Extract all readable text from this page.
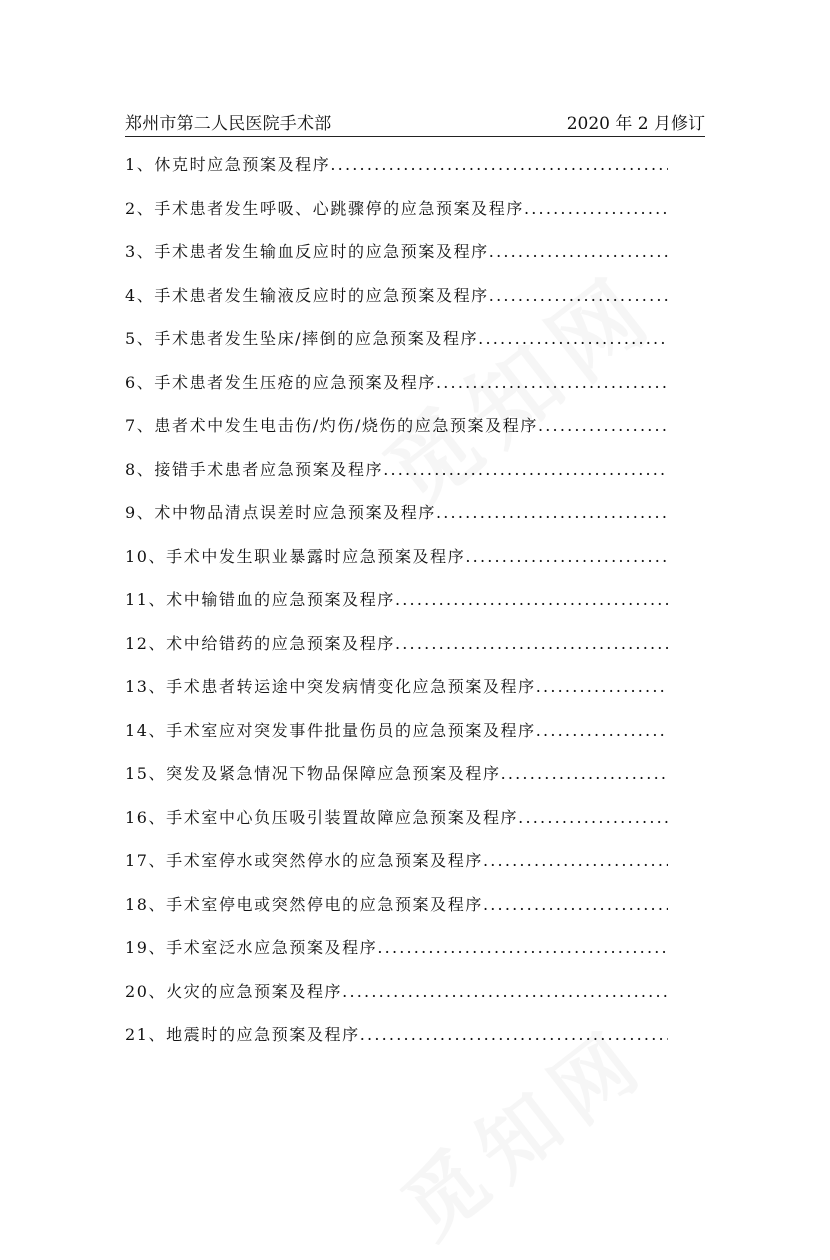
郑州市第二人民医院手术部	2020 年 2 月修订
1、休克时应急预案及程序
.....
2、手术患者发生呼吸、心跳骤停的应急预案及程序
.....
3、手术患者发生输血反应时的应急预案及程序
.....
4、手术患者发生输液反应时的应急预案及程序
.....
5、手术患者发生坠床/摔倒的应急预案及程序
.....
6、手术患者发生压疮的应急预案及程序
.....
7、患者术中发生电击伤/灼伤/烧伤的应急预案及程序
.....
8、接错手术患者应急预案及程序
.....
9、术中物品清点误差时应急预案及程序
.....
10、手术中发生职业暴露时应急预案及程序
.....
11、术中输错血的应急预案及程序
.....
12、术中给错药的应急预案及程序
.....
13、手术患者转运途中突发病情变化应急预案及程序
.....
14、手术室应对突发事件批量伤员的应急预案及程序
.....
15、突发及紧急情况下物品保障应急预案及程序
.....
16、手术室中心负压吸引装置故障应急预案及程序
.....
17、手术室停水或突然停水的应急预案及程序
.....
18、手术室停电或突然停电的应急预案及程序
.....
19、手术室泛水应急预案及程序
.....
20、火灾的应急预案及程序
.....
21、地震时的应急预案及程序
.....
